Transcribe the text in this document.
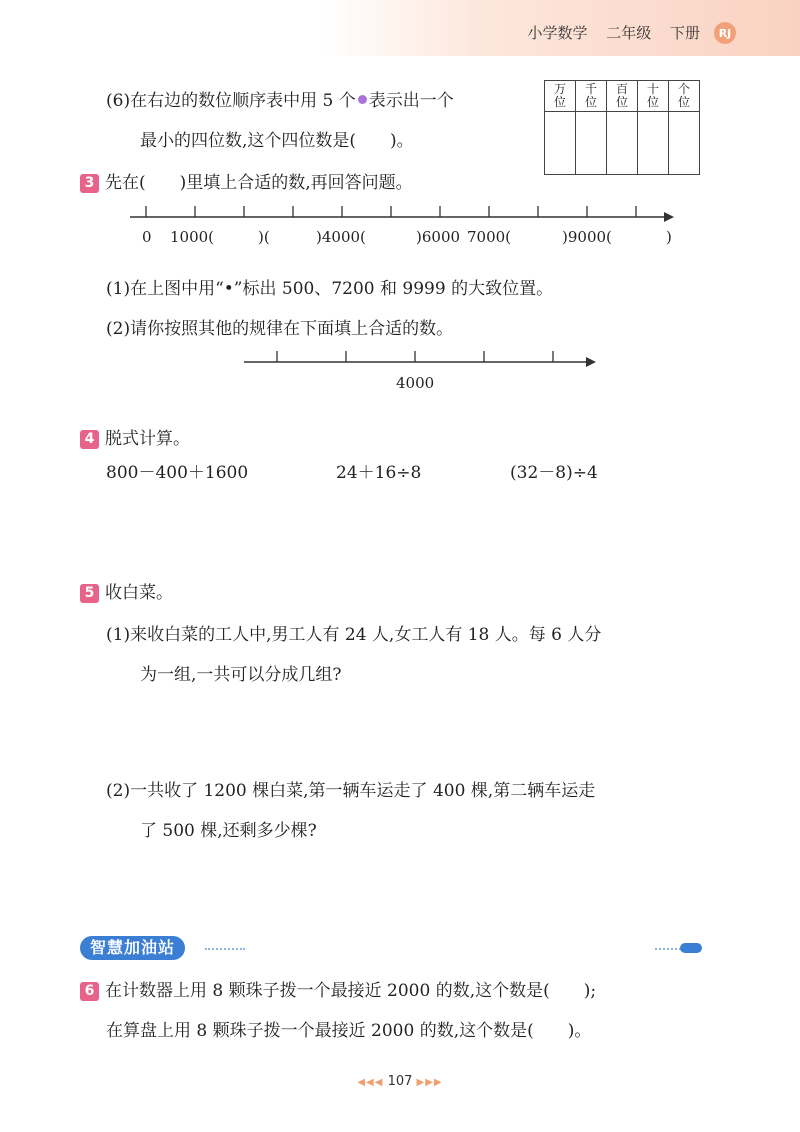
小学数学 二年级 下册	RJ
(6)在右边的数位顺序表中用 5 个 表示出一个
最小的四位数,这个四位数是(　　)。
万
位	千
位	百
位	十
位	个
位

3 先在(　　)里填上合适的数,再回答问题。
0 1000(	)(	)4000(	)6000 7000(	)9000(	)
(1)在上图中用“•”标出 500、7200 和 9999 的大致位置。
(2)请你按照其他的规律在下面填上合适的数。
4000
4 脱式计算。
800－400＋1600	24＋16÷8	(32－8)÷4
5 收白菜。
(1)来收白菜的工人中,男工人有 24 人,女工人有 18 人。每 6 人分
为一组,一共可以分成几组?
(2)一共收了 1200 棵白菜,第一辆车运走了 400 棵,第二辆车运走
了 500 棵,还剩多少棵?
智慧加油站
6 在计数器上用 8 颗珠子拨一个最接近 2000 的数,这个数是(　　);
在算盘上用 8 颗珠子拨一个最接近 2000 的数,这个数是(　　)。
◀◀◀ 107 ▶▶▶
